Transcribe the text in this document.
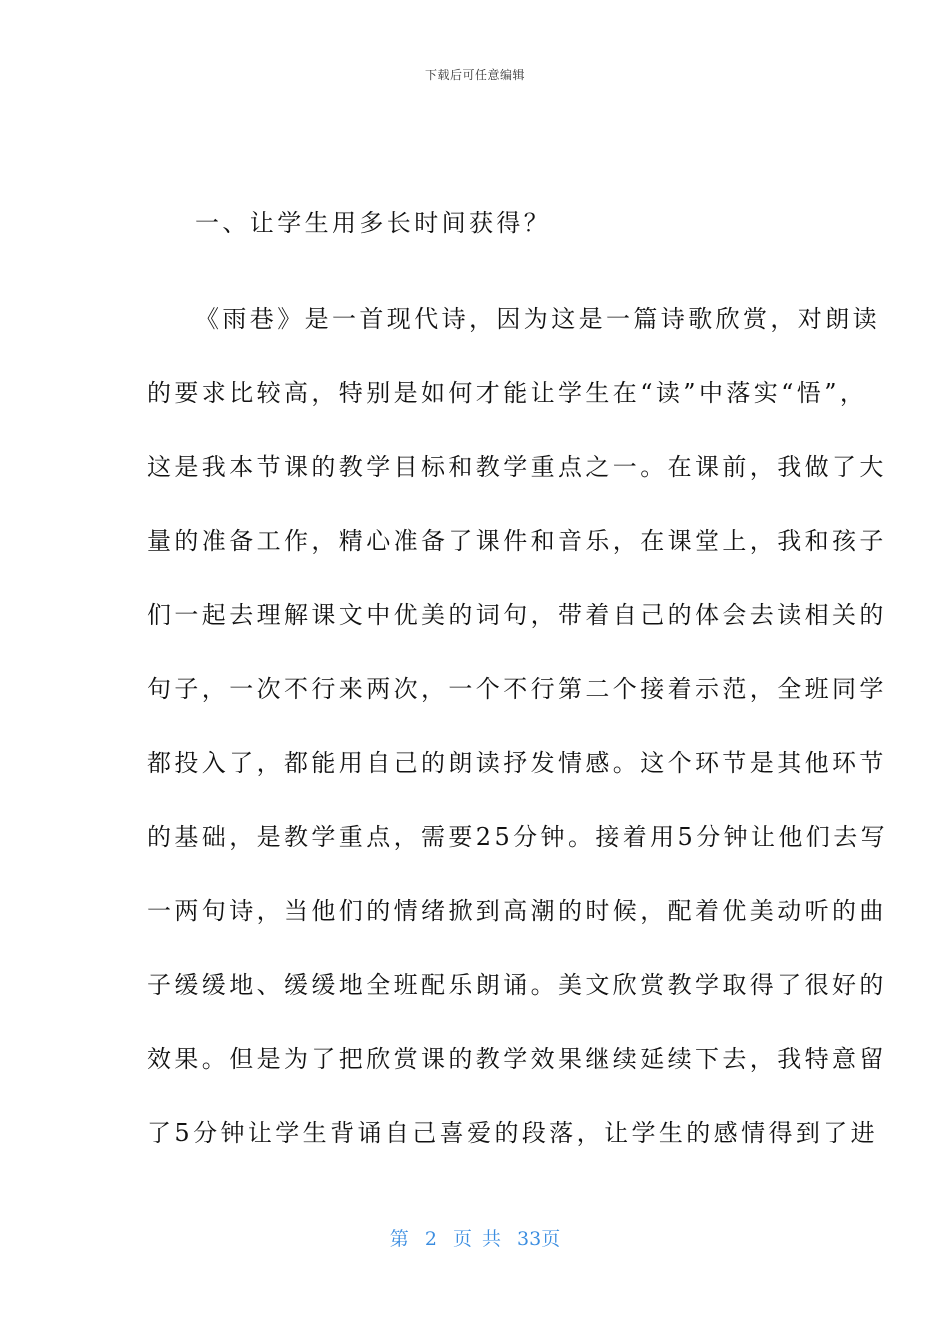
下载后可任意编辑
一、让学生用多长时间获得？
《雨巷》是一首现代诗，因为这是一篇诗歌欣赏，对朗读
的要求比较高，特别是如何才能让学生在“读”中落实“悟”，
这是我本节课的教学目标和教学重点之一。在课前，我做了大
量的准备工作，精心准备了课件和音乐，在课堂上，我和孩子
们一起去理解课文中优美的词句，带着自己的体会去读相关的
句子，一次不行来两次，一个不行第二个接着示范，全班同学
都投入了，都能用自己的朗读抒发情感。这个环节是其他环节
的基础，是教学重点，需要25分钟。接着用5分钟让他们去写
一两句诗，当他们的情绪掀到高潮的时候，配着优美动听的曲
子缓缓地、缓缓地全班配乐朗诵。美文欣赏教学取得了很好的
效果。但是为了把欣赏课的教学效果继续延续下去，我特意留
了5分钟让学生背诵自己喜爱的段落，让学生的感情得到了进
第 2 页 共 33页
